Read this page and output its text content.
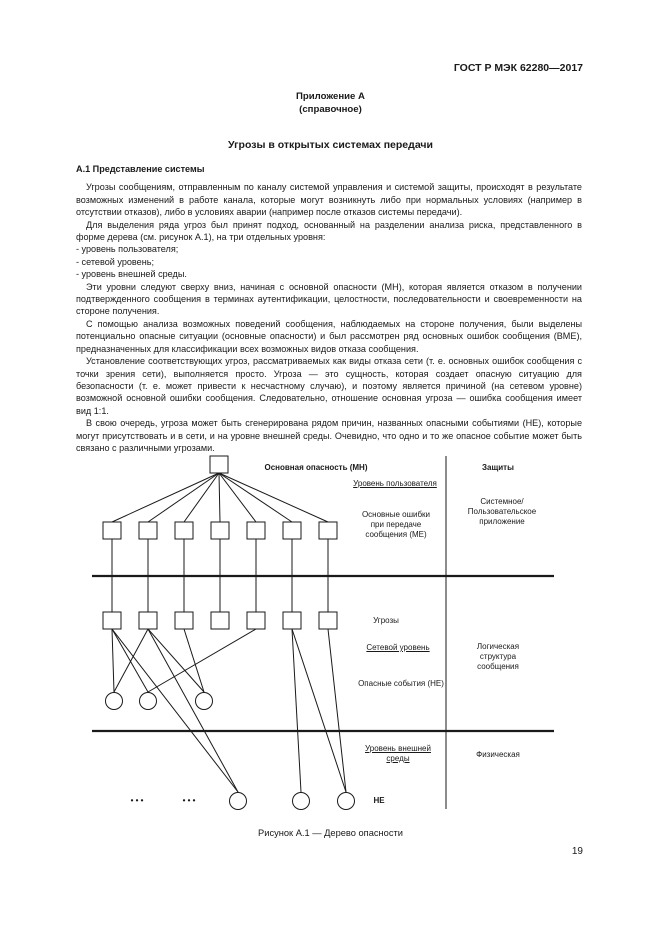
ГОСТ Р МЭК 62280—2017
Приложение А
(справочное)
Угрозы в открытых системах передачи

А.1 Представление системы

Угрозы сообщениям, отправленным по каналу системой управления и системой защиты, происходят в результате возможных изменений в работе канала, которые могут возникнуть либо при нормальных условиях (например в отсутствии отказов), либо в условиях аварии (например после отказов системы передачи).

Для выделения ряда угроз был принят подход, основанный на разделении анализа риска, представленного в форме дерева (см. рисунок А.1), на три отдельных уровня:

- уровень пользователя;

- сетевой уровень;

- уровень внешней среды.

Эти уровни следуют сверху вниз, начиная с основной опасности (МН), которая является отказом в получении подтвержденного сообщения в терминах аутентификации, целостности, последовательности и своевременности на стороне получения.

С помощью анализа возможных поведений сообщения, наблюдаемых на стороне получения, были выделены потенциально опасные ситуации (основные опасности) и был рассмотрен ряд основных ошибок сообщения (ВМЕ), предназначенных для классификации всех возможных видов отказа сообщения.

Установление соответствующих угроз, рассматриваемых как виды отказа сети (т. е. основных ошибок сообщения с точки зрения сети), выполняется просто. Угроза — это сущность, которая создает опасную ситуацию для безопасности (т. е. может привести к несчастному случаю), и поэтому является причиной (на сетевом уровне) возможной основной ошибки сообщения. Следовательно, отношение основная угроза — ошибка сообщения имеет вид 1:1.

В свою очередь, угроза может быть сгенерирована рядом причин, названных опасными событиями (НЕ), которые могут присутствовать и в сети, и на уровне внешней среды. Очевидно, что одно и то же опасное событие может быть связано с различными угрозами.

Основная опасность (МН)	Защиты
Уровень пользователя
Основные ошибки при передаче сообщения (МЕ)
Системное/ Пользовательское приложение
Угрозы
Сетевой уровень	Логическая структура сообщения
Опасные события (НЕ)
Уровень внешней среды	Физическая
НЕ
• • •	• • •
Рисунок А.1 — Дерево опасности
19
